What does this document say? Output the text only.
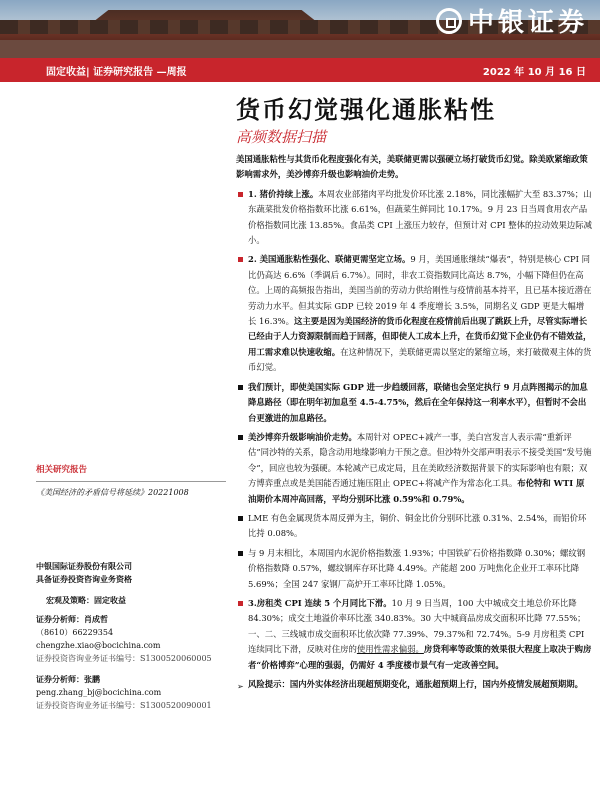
中银证券
固定收益| 证券研究报告 —周报	2022 年 10 月 16 日
货币幻觉强化通胀粘性
高频数据扫描

美国通胀粘性与其货币化程度强化有关，美联储更需以强硬立场打破货币幻觉。除美欧紧缩政策影响需求外，美沙博弈升级也影响油价走势。

1. 猪价持续上涨。本周农业部猪肉平均批发价环比涨 2.18%，同比涨幅扩大至 83.37%；山东蔬菜批发价格指数环比涨 6.61%，但蔬菜生鲜同比 10.17%。9 月 23 日当周食用农产品价格指数同比涨 13.85%。食品类 CPI 上涨压力较存，但预计对 CPI 整体的拉动效果边际减小。

2. 美国通胀粘性强化、联储更需坚定立场。9 月，美国通胀继续“爆表”，特别是核心 CPI 同比仍高达 6.6%（季调后 6.7%）。同时，非农工资指数同比高达 8.7%，小幅下降但仍在高位。上周的高频报告指出，美国当前的劳动力供给刚性与疫情前基本持平，且已基本接近潜在劳动力水平。但其实际 GDP 已较 2019 年 4 季度增长 3.5%，同期名义 GDP 更是大幅增长 16.3%。这主要是因为美国经济的货币化程度在疫情前后出现了跳跃上升，尽管实际增长已经由于人力资源限制而趋于回落，但即使人工成本上升，在货币幻觉下企业仍有不错效益，用工需求难以快速收缩。在这种情况下，美联储更需以坚定的紧缩立场，来打破微观主体的货币幻觉。

我们预计，即使美国实际 GDP 进一步趋缓回落，联储也会坚定执行 9 月点阵图揭示的加息降息路径（即在明年初加息至 4.5-4.75%，然后在全年保持这一利率水平），但暂时不会出台更激进的加息路径。

美沙博弈升级影响油价走势。本周针对 OPEC+减产一事，美白宫发言人表示需“重新评估”同沙特的关系，隐含动用地缘影响力干预之意。但沙特外交部声明表示不接受美国“发号施令”，回应也较为强硬。本轮减产已成定局，且在美欧经济数据背景下的实际影响也有限；双方博弈重点或是美国能否通过施压阻止 OPEC+将减产作为常态化工具。布伦特和 WTI 原油期价本周冲高回落，平均分别环比涨 0.59%和 0.79%。

LME 有色金属现货本周反弹为主，铜价、铜金比价分别环比涨 0.31%、2.54%，而铝价环比持 0.08%。

与 9 月末相比，本周国内水泥价格指数涨 1.93%；中国铁矿石价格指数降 0.30%；螺纹钢价格指数降 0.57%，螺纹钢库存环比降 4.49%。产能超 200 万吨焦化企业开工率环比降 5.69%；全国 247 家钢厂高炉开工率环比降 1.05%。

3.房租类 CPI 连续 5 个月同比下滑。10 月 9 日当周，100 大中城成交土地总价环比降 84.30%；成交土地溢价率环比涨 340.83%。30 大中城商品房成交面积环比降 77.55%；一、二、三线城市成交面积环比依次降 77.39%、79.37%和 72.74%。5-9 月房租类 CPI 连续同比下滑，反映对住房的使用性需求偏弱。房贷利率等政策的效果很大程度上取决于购房者“价格博弈”心理的强弱，仍需好 4 季度楼市景气有一定改善空间。

➢ 风险提示：国内外实体经济出现超预期变化，通胀超预期上行，国内外疫情发展超预期期。

相关研究报告
《美国经济的矛盾信号将延续》20221008
中银国际证券股份有限公司
具备证券投资咨询业务资格
宏观及策略：固定收益
证券分析师：肖成哲
（8610）66229354
chengzhe.xiao@bocichina.com
证券投资咨询业务证书编号：S1300520060005
证券分析师：张鹏
peng.zhang_bj@bocichina.com
证券投资咨询业务证书编号：S1300520090001
